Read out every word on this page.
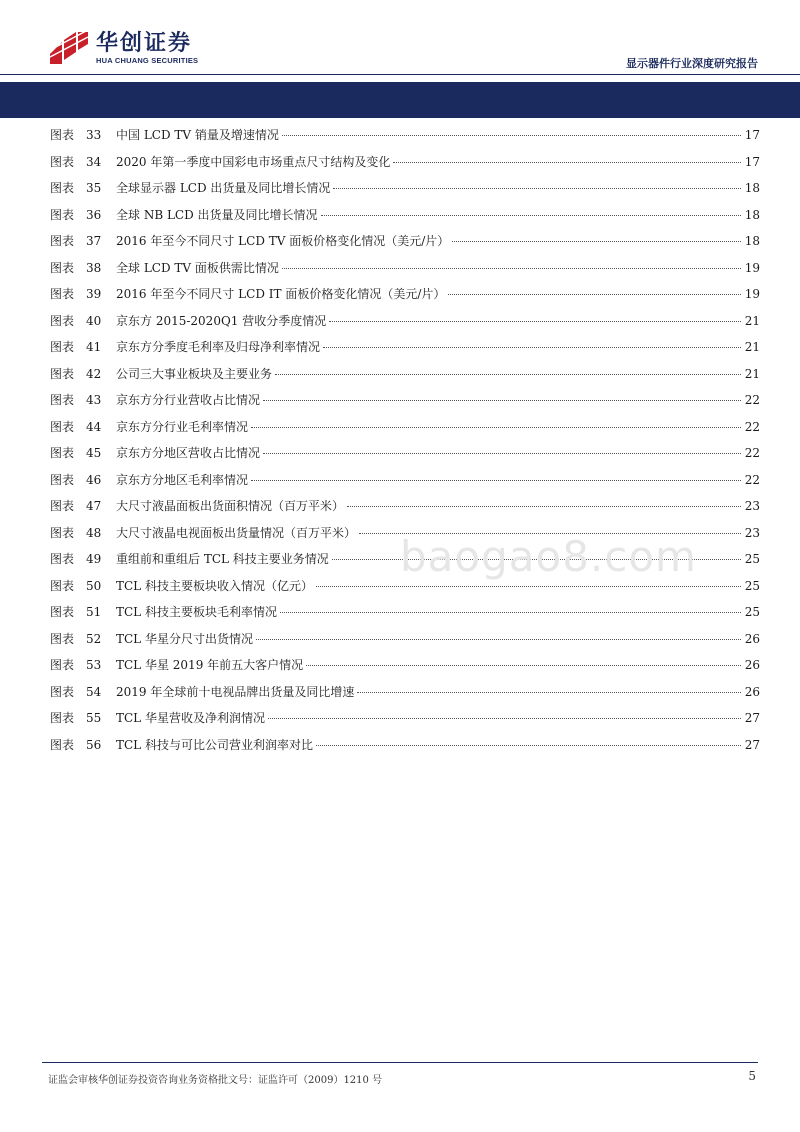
华创证券
HUA CHUANG SECURITIES	显示器件行业深度研究报告
图表 33	中国 LCD TV 销量及增速情况	17
图表 34	2020 年第一季度中国彩电市场重点尺寸结构及变化	17
图表 35	全球显示器 LCD 出货量及同比增长情况	18
图表 36	全球 NB LCD 出货量及同比增长情况	18
图表 37	2016 年至今不同尺寸 LCD TV 面板价格变化情况（美元/片）	18
图表 38	全球 LCD TV 面板供需比情况	19
图表 39	2016 年至今不同尺寸 LCD IT 面板价格变化情况（美元/片）	19
图表 40	京东方 2015-2020Q1 营收分季度情况	21
图表 41	京东方分季度毛利率及归母净利率情况	21
图表 42	公司三大事业板块及主要业务	21
图表 43	京东方分行业营收占比情况	22
图表 44	京东方分行业毛利率情况	22
图表 45	京东方分地区营收占比情况	22
图表 46	京东方分地区毛利率情况	22
图表 47	大尺寸液晶面板出货面积情况（百万平米）	23
图表 48	大尺寸液晶电视面板出货量情况（百万平米）	23
图表 49	重组前和重组后 TCL 科技主要业务情况	25
图表 50	TCL 科技主要板块收入情况（亿元）	25
图表 51	TCL 科技主要板块毛利率情况	25
图表 52	TCL 华星分尺寸出货情况	26
图表 53	TCL 华星 2019 年前五大客户情况	26
图表 54	2019 年全球前十电视品牌出货量及同比增速	26
图表 55	TCL 华星营收及净利润情况	27
图表 56	TCL 科技与可比公司营业利润率对比	27
baogao8.com
证监会审核华创证券投资咨询业务资格批文号：证监许可（2009）1210 号	5
